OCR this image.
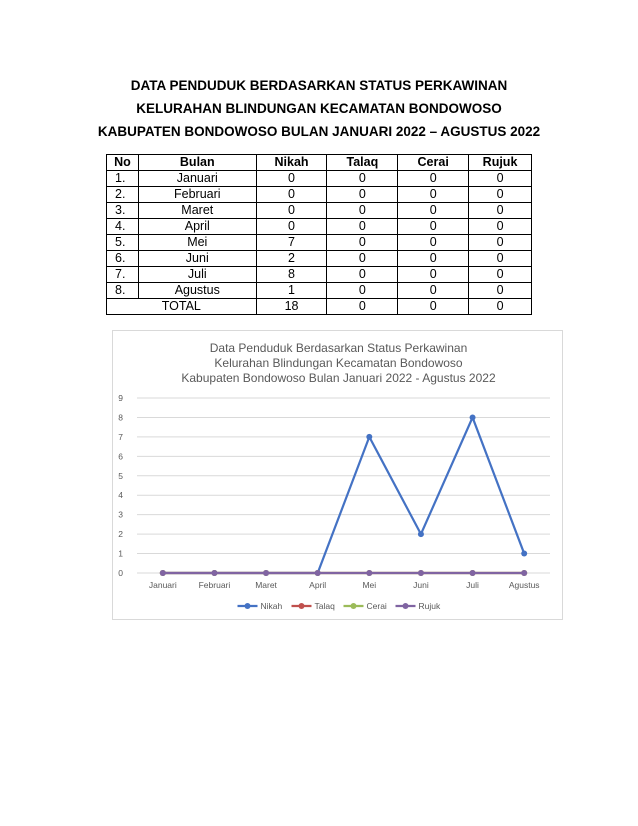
DATA PENDUDUK BERDASARKAN STATUS PERKAWINAN
KELURAHAN BLINDUNGAN KECAMATAN BONDOWOSO
KABUPATEN BONDOWOSO BULAN JANUARI 2022 – AGUSTUS 2022
No	Bulan	Nikah	Talaq	Cerai	Rujuk
1.	Januari	0	0	0	0
2.	Februari	0	0	0	0
3.	Maret	0	0	0	0
4.	April	0	0	0	0
5.	Mei	7	0	0	0
6.	Juni	2	0	0	0
7.	Juli	8	0	0	0
8.	Agustus	1	0	0	0
TOTAL		18	0	0	0
Data Penduduk Berdasarkan Status Perkawinan
Kelurahan Blindungan Kecamatan Bondowoso
Kabupaten Bondowoso Bulan Januari 2022 - Agustus 2022
0
1
2
3
4
5
6
7
8
9
Januari	Februari	Maret	April	Mei	Juni	Juli	Agustus
Nikah	Talaq	Cerai	Rujuk
